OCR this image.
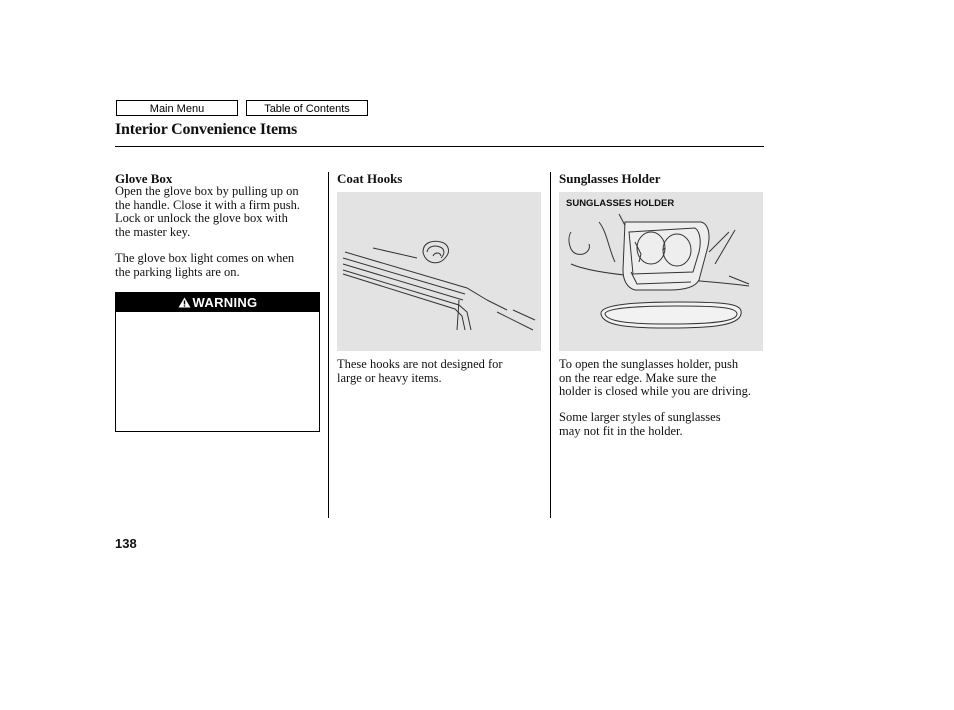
Main Menu	Table of Contents
Interior Convenience Items
Glove Box
Open the glove box by pulling up on
the handle. Close it with a firm push.
Lock or unlock the glove box with
the master key.
The glove box light comes on when
the parking lights are on.
WARNING
Coat Hooks
These hooks are not designed for
large or heavy items.
Sunglasses Holder
SUNGLASSES HOLDER
To open the sunglasses holder, push
on the rear edge. Make sure the
holder is closed while you are driving.
Some larger styles of sunglasses
may not fit in the holder.
138
